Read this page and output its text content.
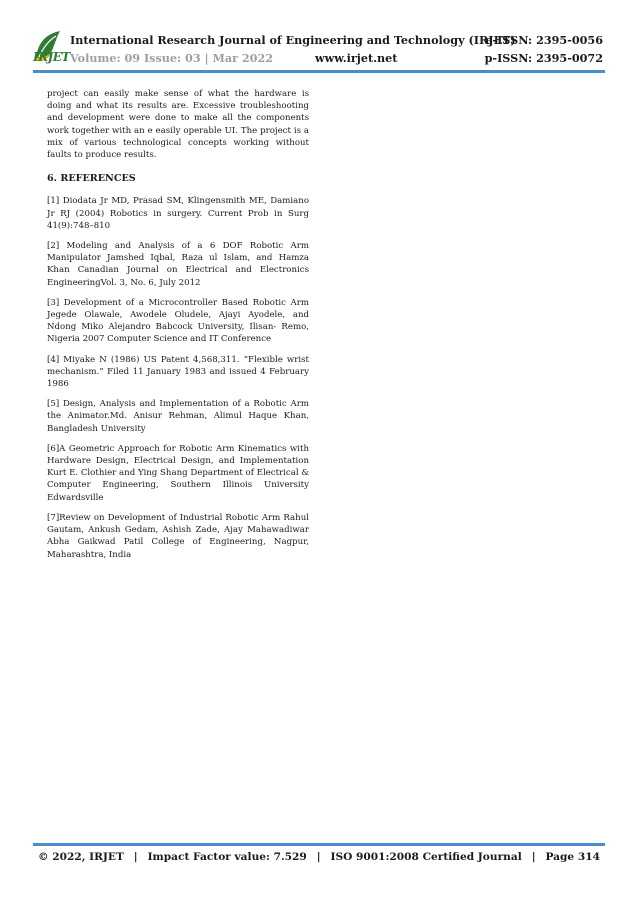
IRJET
International Research Journal of Engineering and Technology (IRJET)
e-ISSN: 2395-0056
Volume: 09 Issue: 03 | Mar 2022	www.irjet.net	p-ISSN: 2395-0072

project can easily make sense of what the hardware is doing and what its results are. Excessive troubleshooting and development were done to make all the components work together with an e easily operable UI. The project is a mix of various technological concepts working without faults to produce results.

6. REFERENCES

[1] Diodata Jr MD, Prasad SM, Klingensmith ME, Damiano Jr RJ (2004) Robotics in surgery. Current Prob in Surg 41(9):748–810

[2] Modeling and Analysis of a 6 DOF Robotic Arm Manipulator Jamshed Iqbal, Raza ul Islam, and Hamza Khan Canadian Journal on Electrical and Electronics EngineeringVol. 3, No. 6, July 2012

[3] Development of a Microcontroller Based Robotic Arm Jegede Olawale, Awodele Oludele, Ajayi Ayodele, and Ndong Miko Alejandro Babcock University, Ilisan- Remo, Nigeria 2007 Computer Science and IT Conference

[4] Miyake N (1986) US Patent 4,568,311. “Flexible wrist mechanism.” Filed 11 January 1983 and issued 4 February 1986

[5] Design, Analysis and Implementation of a Robotic Arm the Animator.Md. Anisur Rehman, Alimul Haque Khan, Bangladesh University

[6]A Geometric Approach for Robotic Arm Kinematics with Hardware Design, Electrical Design, and Implementation Kurt E. Clothier and Ying Shang Department of Electrical & Computer Engineering, Southern Illinois University Edwardsville

[7]Review on Development of Industrial Robotic Arm Rahul Gautam, Ankush Gedam, Ashish Zade, Ajay Mahawadiwar Abha Gaikwad Patil College of Engineering, Nagpur, Maharashtra, India

© 2022, IRJET | Impact Factor value: 7.529 | ISO 9001:2008 Certified Journal | Page 314
